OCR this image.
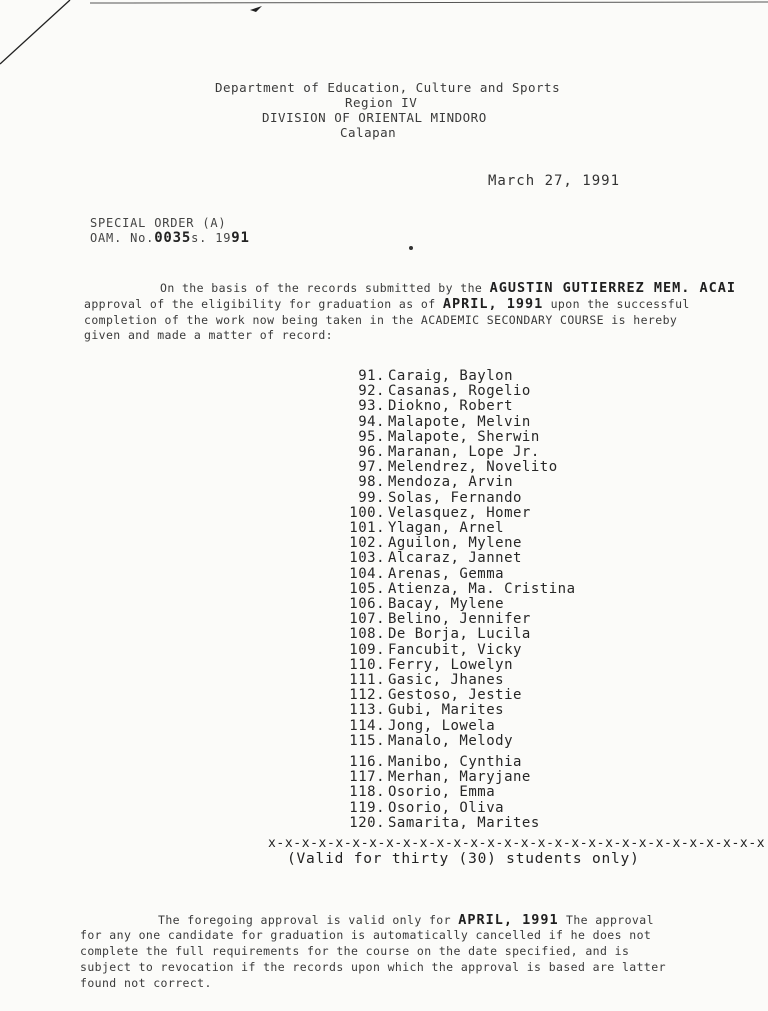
Department of Education, Culture and Sports
Region IV
DIVISION OF ORIENTAL MINDORO
Calapan
March 27, 1991
SPECIAL ORDER (A)
OAM. No.0035s. 1991
On the basis of the records submitted by the AGUSTIN GUTIERREZ MEM. ACAI
approval of the eligibility for graduation as of APRIL, 1991 upon the successful
completion of the work now being taken in the ACADEMIC SECONDARY COURSE is hereby
given and made a matter of record:
91. Caraig, Baylon
92. Casanas, Rogelio
93. Diokno, Robert
94. Malapote, Melvin
95. Malapote, Sherwin
96. Maranan, Lope Jr.
97. Melendrez, Novelito
98. Mendoza, Arvin
99. Solas, Fernando
100. Velasquez, Homer
101. Ylagan, Arnel
102. Aguilon, Mylene
103. Alcaraz, Jannet
104. Arenas, Gemma
105. Atienza, Ma. Cristina
106. Bacay, Mylene
107. Belino, Jennifer
108. De Borja, Lucila
109. Fancubit, Vicky
110. Ferry, Lowelyn
111. Gasic, Jhanes
112. Gestoso, Jestie
113. Gubi, Marites
114. Jong, Lowela
115. Manalo, Melody
116. Manibo, Cynthia
117. Merhan, Maryjane
118. Osorio, Emma
119. Osorio, Oliva
120. Samarita, Marites
x-x-x-x-x-x-x-x-x-x-x-x-x-x-x-x-x-x-x-x-x-x-x-x-x-x-x-x-x-x
(Valid for thirty (30) students only)
The foregoing approval is valid only for APRIL, 1991 The approval
for any one candidate for graduation is automatically cancelled if he does not
complete the full requirements for the course on the date specified, and is
subject to revocation if the records upon which the approval is based are latter
found not correct.
